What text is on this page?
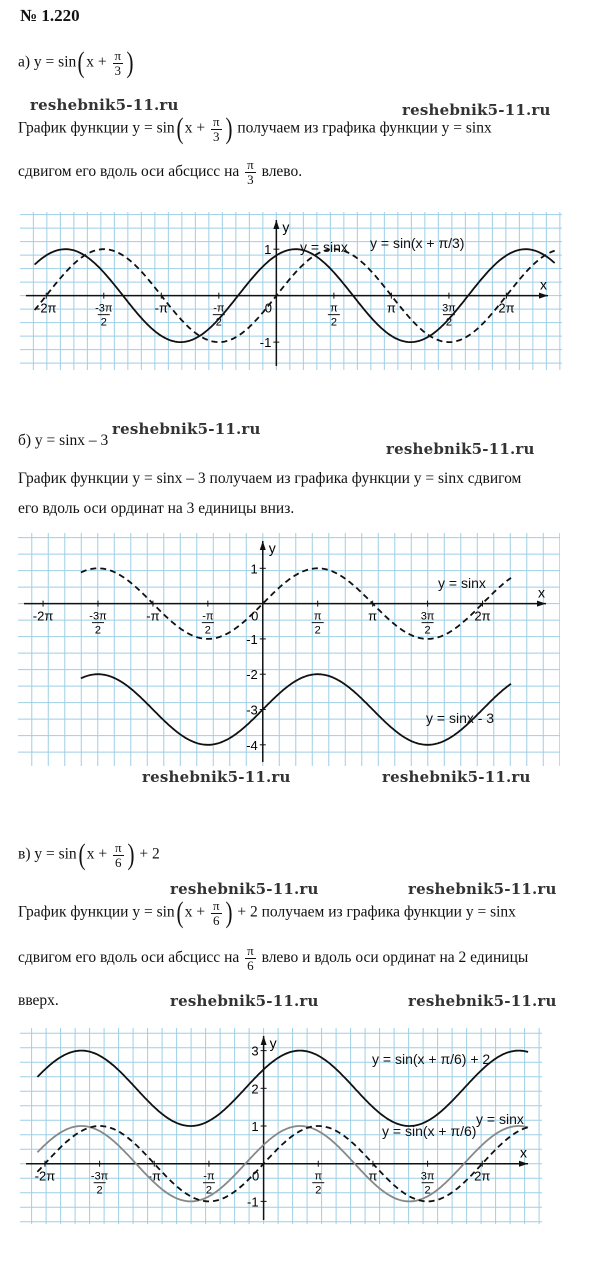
№ 1.220
а) $y = \sin(x + \frac{\pi}{3}$ )
reshebnik5-11.ru	reshebnik5-11.ru
График функции $y = \sin(x + \frac{\pi}{3}$ ) получаем из графика функции y = sinx
сдвигом его вдоль оси абсцисс на $\frac{\pi}{3}$ влево.
x
y
-2π	-3π
2
-π	-π
2
0	π
2
π	3π
2
2π
1
-1
y = sinx y = sin(x + π/3)
б) y = sinx – 3
reshebnik5-11.ru
reshebnik5-11.ru
График функции y = sinx – 3 получаем из графика функции y = sinx сдвигом
его вдоль оси ординат на 3 единицы вниз.
x
y
-2π	-3π
2
-π	-π
2
0	π
2
π	3π
2
2π
1
-1
-2
-3
-4
y = sinx
y = sinx - 3
reshebnik5-11.ru	reshebnik5-11.ru
в) $y = \sin(x + \frac{\pi}{6}$ ) + 2
reshebnik5-11.ru	reshebnik5-11.ru
График функции $y = \sin(x + \frac{\pi}{6}$ ) + 2 получаем из графика функции y = sinx
сдвигом его вдоль оси абсцисс на $\frac{\pi}{6}$ влево и вдоль оси ординат на 2 единицы
вверх.	reshebnik5-11.ru	reshebnik5-11.ru
x
y
-2π	-3π
2
-π	-π
2
0	π
2
π	3π
2
2π
3
2
1
-1
y = sin(x + π/6) + 2
y = sin(x + π/6)
y = sinx
